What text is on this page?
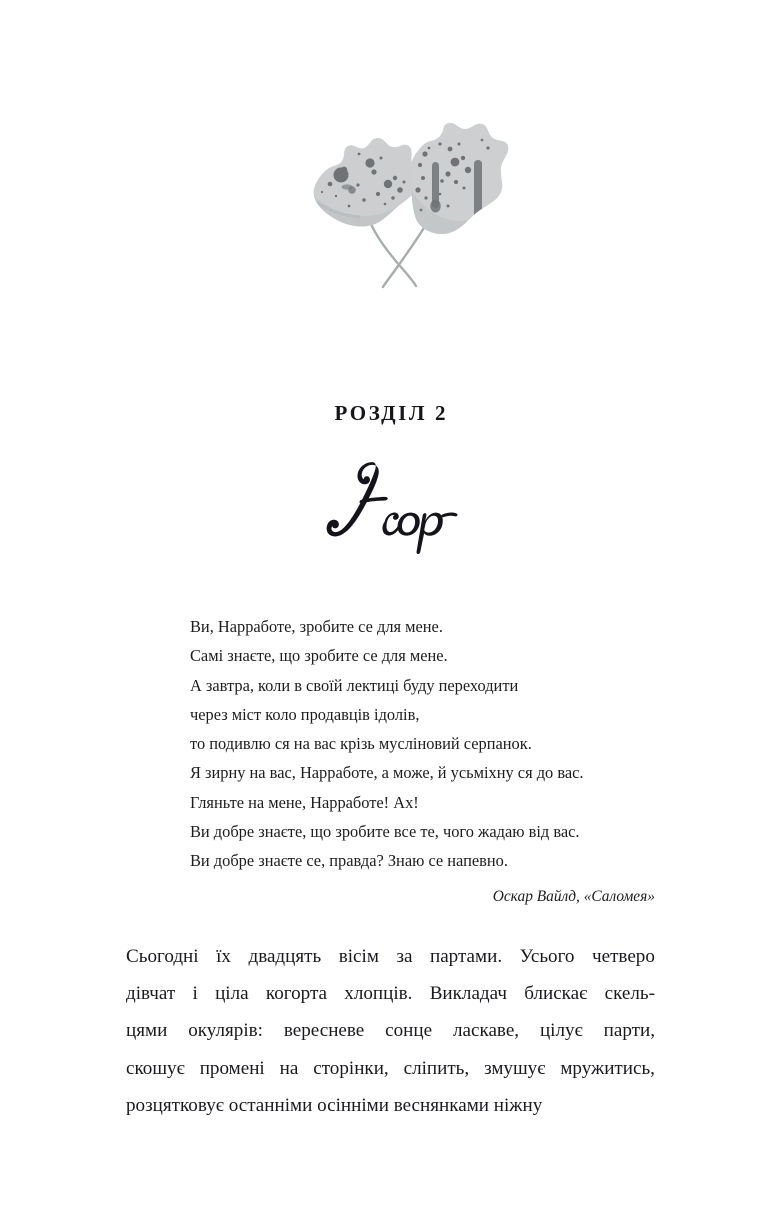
РОЗДІЛ 2
Ви, Нарработе, зробите се для мене.
Самі знаєте, що зробите се для мене.
А завтра, коли в своїй лектиці буду переходити
через міст коло продавців ідолів,
то подивлю ся на вас крізь мусліновий серпанок.
Я зирну на вас, Нарработе, а може, й усьміхну ся до вас.
Гляньте на мене, Нарработе! Ах!
Ви добре знаєте, що зробите все те, чого жадаю від вас.
Ви добре знаєте се, правда? Знаю се напевно.
Оскар Вайлд, «Саломея»

Сьогодні їх двадцять вісім за партами. Усього четверо
дівчат і ціла когорта хлопців. Викладач блискає скель-
цями окулярів: вересневе сонце ласкаве, цілує парти,
скошує промені на сторінки, сліпить, змушує мружитись,
розцятковує останніми осінніми веснянками ніжну
